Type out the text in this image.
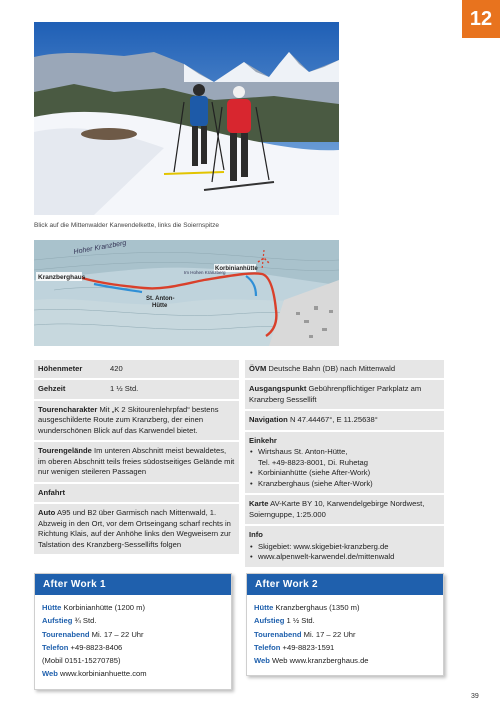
12
Blick auf die Mittenwalder Karwendelkette, links die Soiernspitze
Hoher Kranzberg
Kranzberghaus
Korbinianhütte
St. Anton-
Hütte
Im Hohen Kranzberg
Höhenmeter	420
Gehzeit	1 ½ Std.
Tourencharakter Mit „K 2 Skitourenlehrpfad“ bestens ausgeschilderte Route zum Kranzberg, der einen wunderschönen Blick auf das Karwendel bietet.
Tourengelände Im unteren Abschnitt meist bewaldetes, im oberen Abschnitt teils freies südostseitiges Gelände mit nur wenigen steileren Passagen
Anfahrt
Auto A95 und B2 über Garmisch nach Mittenwald, 1. Abzweig in den Ort, vor dem Ortseingang scharf rechts in Richtung Klais, auf der Anhöhe links den Wegweisern zur Talstation des Kranzberg-Sessellifts folgen
ÖVM Deutsche Bahn (DB) nach Mittenwald
Ausgangspunkt Gebührenpflichtiger Parkplatz am Kranzberg Sessellift
Navigation N 47.44467°, E 11.25638°
Einkehr
• Wirtshaus St. Anton-Hütte,
Tel. +49-8823-8001, Di. Ruhetag
• Korbinianhütte (siehe After-Work)
• Kranzberghaus (siehe After-Work)
Karte AV-Karte BY 10, Karwendelgebirge Nordwest, Soiernguppe, 1:25.000
Info
• Skigebiet: www.skigebiet-kranzberg.de
• www.alpenwelt-karwendel.de/mittenwald
After Work 1
Hütte Korbinianhütte (1200 m)
Aufstieg ¾ Std.
Tourenabend Mi. 17 – 22 Uhr
Telefon +49-8823-8406
(Mobil 0151-15270785)
Web www.korbinianhuette.com
After Work 2
Hütte Kranzberghaus (1350 m)
Aufstieg 1 ½ Std.
Tourenabend Mi. 17 – 22 Uhr
Telefon +49-8823-1591
Web Web www.kranzberghaus.de
39
